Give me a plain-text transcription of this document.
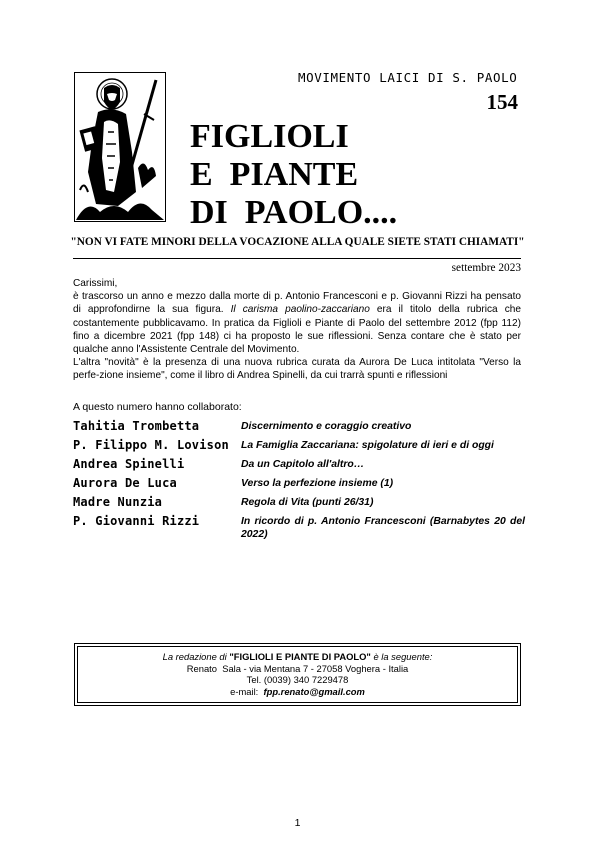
MOVIMENTO LAICI DI S. PAOLO
154
FIGLIOLI
E  PIANTE
DI  PAOLO....
"NON VI FATE MINORI DELLA VOCAZIONE ALLA QUALE SIETE STATI CHIAMATI"
settembre 2023

Carissimi,

è trascorso un anno e mezzo dalla morte di p. Antonio Francesconi e p. Giovanni Rizzi ha pensato di approfondirne la sua figura. Il carisma paolino-zaccariano era il titolo della rubrica che costantemente pubblicavamo. In pratica da Figlioli e Piante di Paolo del settembre 2012 (fpp 112) fino a dicembre 2021 (fpp 148) ci ha proposto le sue riflessioni. Senza contare che è stato per qualche anno l'Assistente Centrale del Movimento.

L'altra "novità" è la presenza di una nuova rubrica curata da Aurora De Luca intitolata "Verso la perfe-zione insieme", come il libro di Andrea Spinelli, da cui trarrà spunti e riflessioni

A questo numero hanno collaborato:
Tahitia Trombetta	Discernimento e coraggio creativo
P. Filippo M. Lovison	La Famiglia Zaccariana: spigolature di ieri e di oggi
Andrea Spinelli	Da un Capitolo all'altro…
Aurora De Luca	Verso la perfezione insieme (1)
Madre Nunzia	Regola di Vita (punti 26/31)
P. Giovanni Rizzi	In ricordo di p. Antonio Francesconi (Barnabytes 20 del 2022)
La redazione di "FIGLIOLI E PIANTE DI PAOLO" è la seguente:
Renato  Sala - via Mentana 7 - 27058 Voghera - Italia
Tel. (0039) 340 7229478
e-mail:  fpp.renato@gmail.com
1
